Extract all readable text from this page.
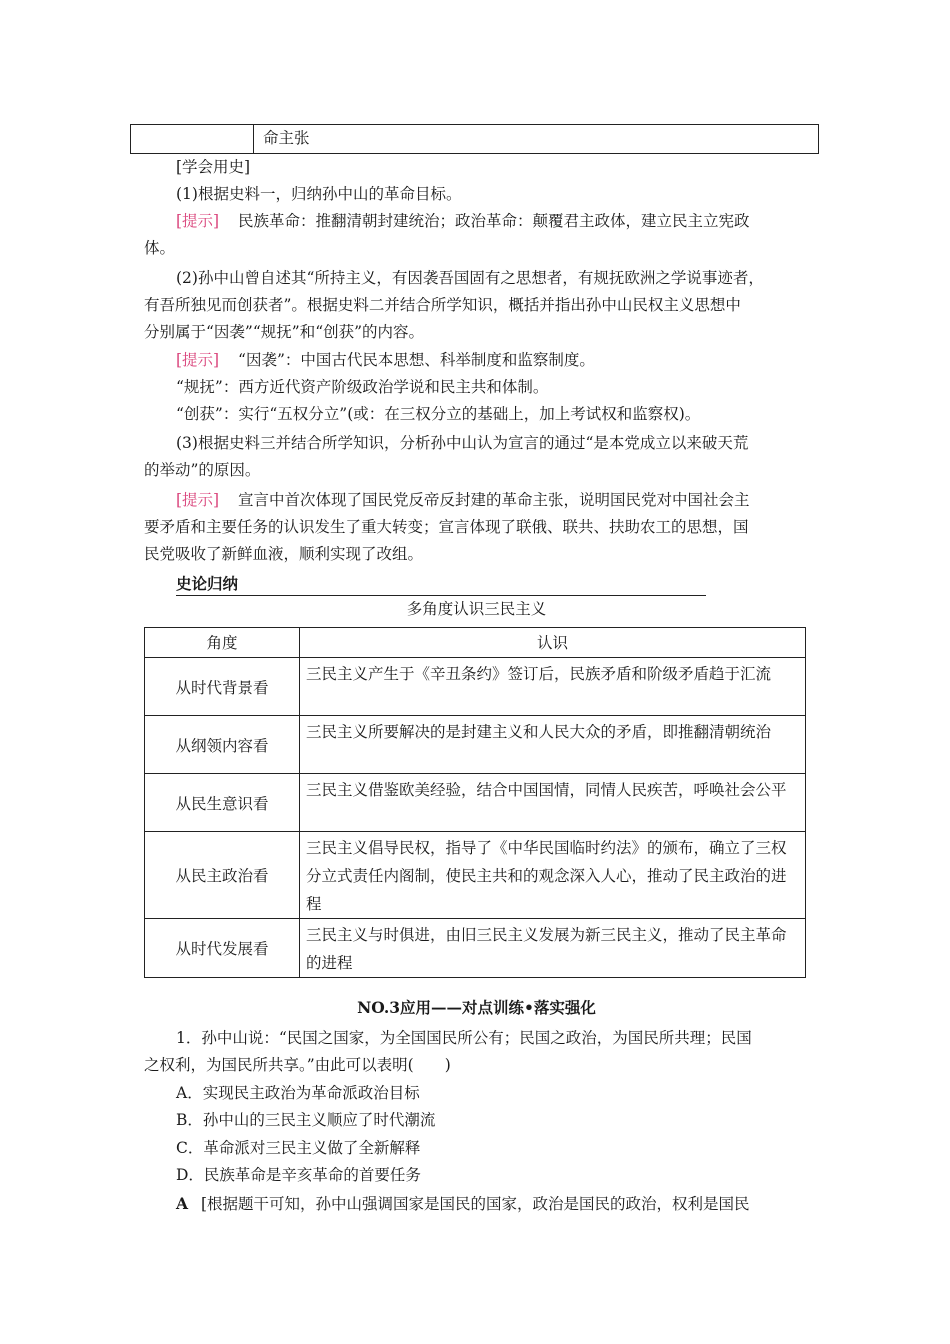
命主张
[学会用史]
(1)根据史料一，归纳孙中山的革命目标。
[提示] 民族革命：推翻清朝封建统治；政治革命：颠覆君主政体，建立民主立宪政
体。
(2)孙中山曾自述其“所持主义，有因袭吾国固有之思想者，有规抚欧洲之学说事迹者，
有吾所独见而创获者”。根据史料二并结合所学知识，概括并指出孙中山民权主义思想中
分别属于“因袭”“规抚”和“创获”的内容。
[提示] “因袭”：中国古代民本思想、科举制度和监察制度。
“规抚”：西方近代资产阶级政治学说和民主共和体制。
“创获”：实行“五权分立”(或：在三权分立的基础上，加上考试权和监察权)。
(3)根据史料三并结合所学知识，分析孙中山认为宣言的通过“是本党成立以来破天荒
的举动”的原因。
[提示] 宣言中首次体现了国民党反帝反封建的革命主张，说明国民党对中国社会主
要矛盾和主要任务的认识发生了重大转变；宣言体现了联俄、联共、扶助农工的思想，国
民党吸收了新鲜血液，顺利实现了改组。
史论归纳
多角度认识三民主义
角度	认识
从时代背景看	三民主义产生于《辛丑条约》签订后，民族矛盾和阶级矛盾趋于汇流
从纲领内容看	三民主义所要解决的是封建主义和人民大众的矛盾，即推翻清朝统治
从民生意识看	三民主义借鉴欧美经验，结合中国国情，同情人民疾苦，呼唤社会公平
从民主政治看	三民主义倡导民权，指导了《中华民国临时约法》的颁布，确立了三权分立式责任内阁制，使民主共和的观念深入人心，推动了民主政治的进程
从时代发展看	三民主义与时俱进，由旧三民主义发展为新三民主义，推动了民主革命的进程
NO.3应用——对点训练•落实强化
1．孙中山说：“民国之国家，为全国国民所公有；民国之政治，为国民所共理；民国
之权利，为国民所共享。”由此可以表明(　　)
A．实现民主政治为革命派政治目标
B．孙中山的三民主义顺应了时代潮流
C．革命派对三民主义做了全新解释
D．民族革命是辛亥革命的首要任务
A [根据题干可知，孙中山强调国家是国民的国家，政治是国民的政治，权利是国民
